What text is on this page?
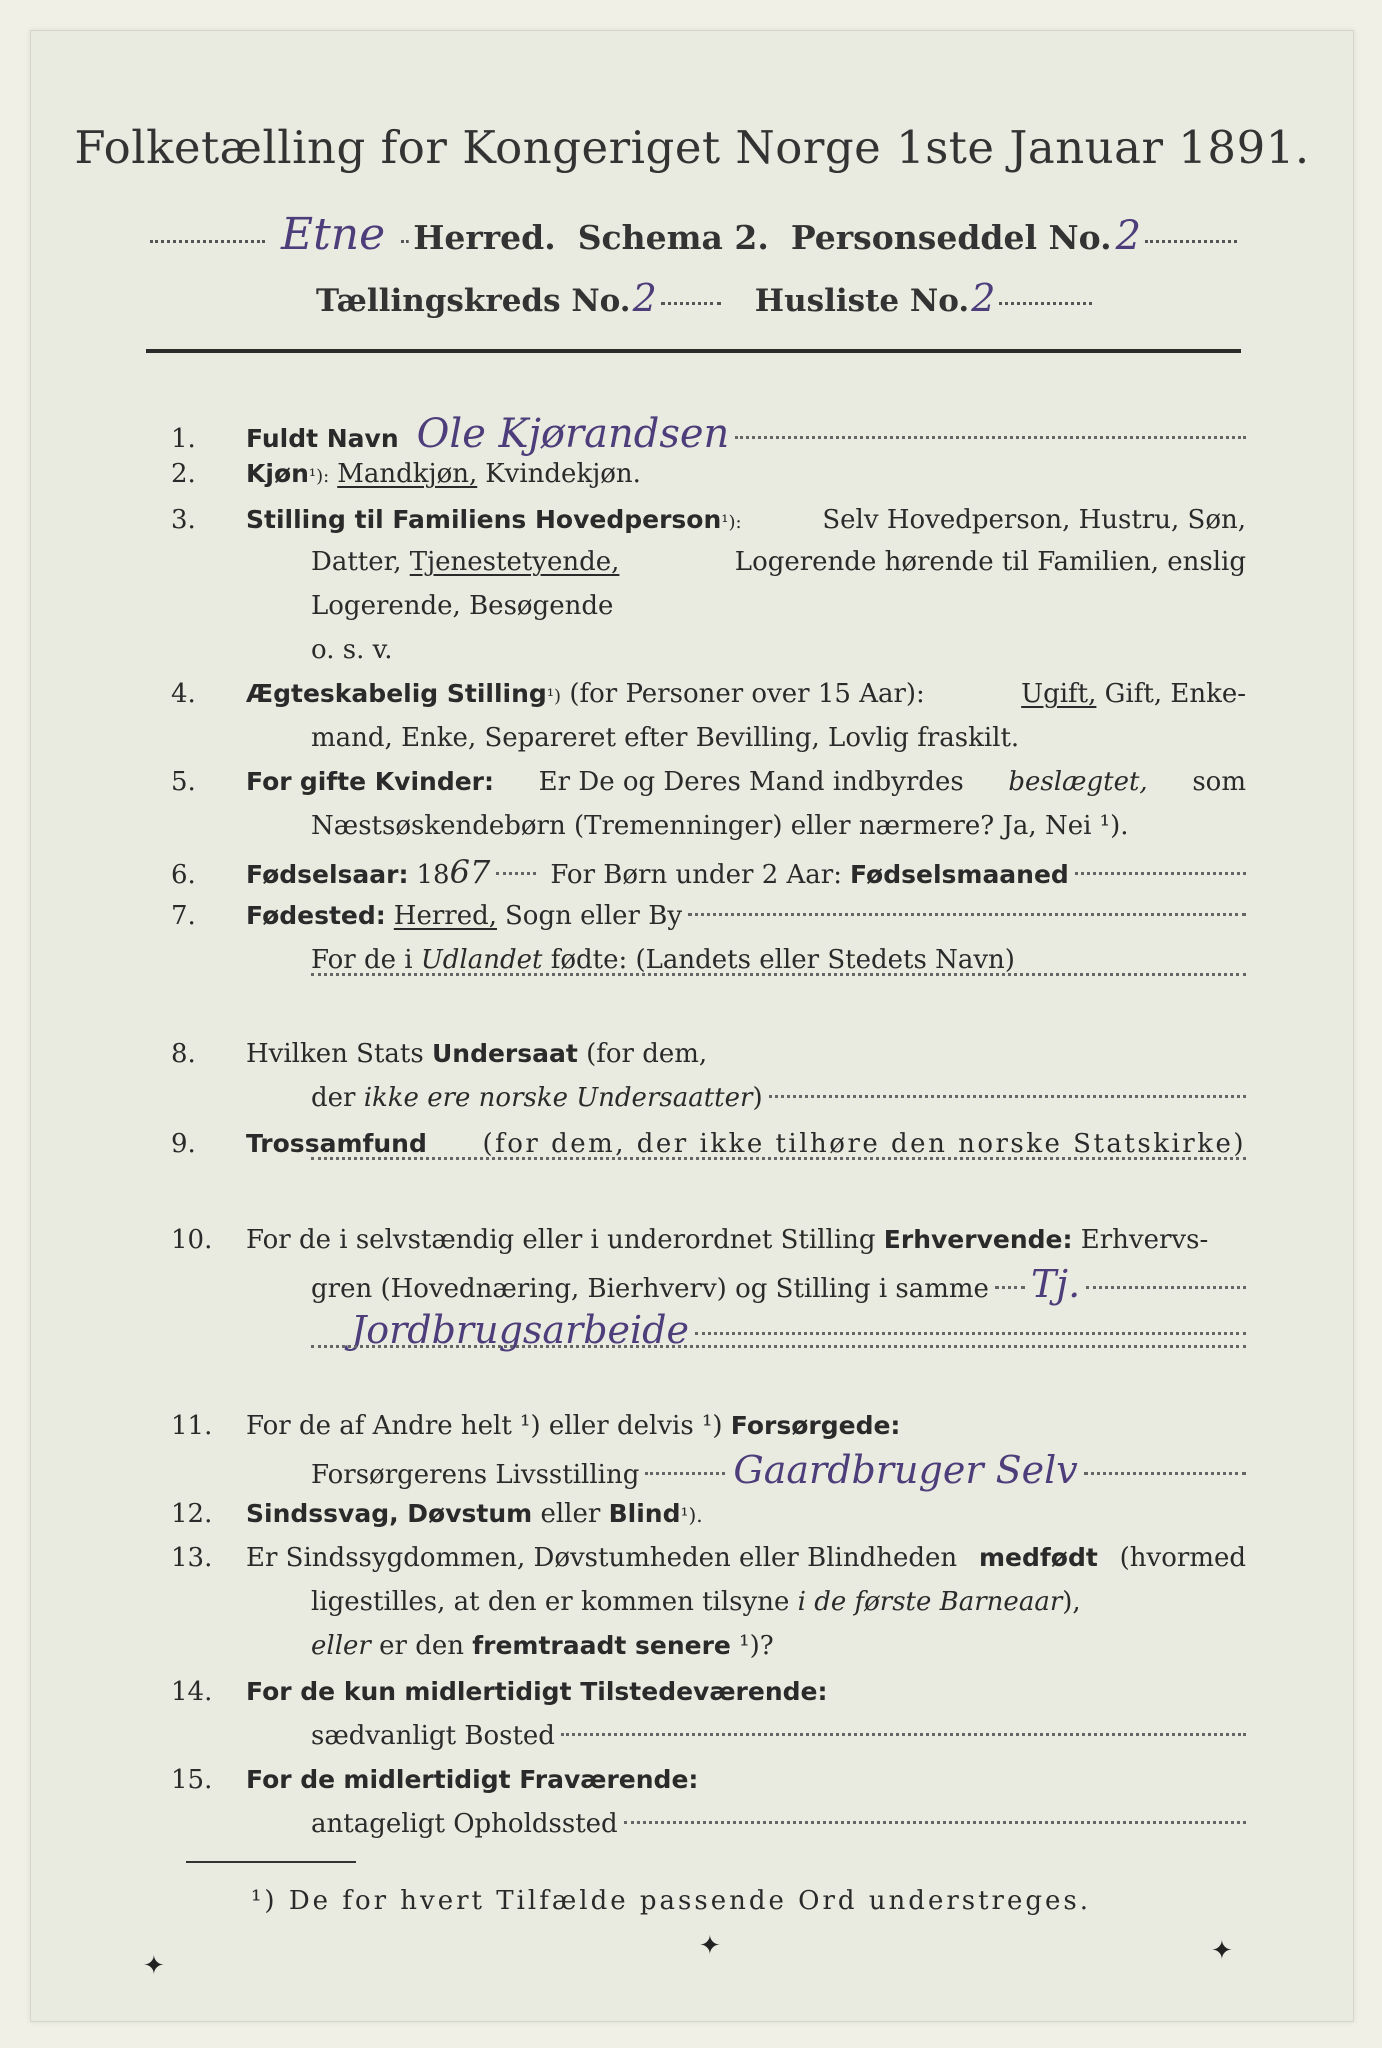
Folketælling for Kongeriget Norge 1ste Januar 1891.
Etne Herred. Schema 2. Personseddel No. 2
Tællingskreds No. 2	Husliste No. 2
1.	Fuldt Navn Ole Kjørandsen
2.	Kjøn ¹): Mandkjøn, Kvindekjøn.
3.	Stilling til Familiens Hovedperson¹):	Selv Hovedperson, Hustru, Søn,
Datter, Tjenestetyende,	Logerende hørende til Familien, enslig
Logerende, Besøgende
o. s. v.
4.	Ægteskabelig Stilling¹) (for Personer over 15 Aar):	Ugift, Gift, Enke-
mand, Enke, Separeret efter Bevilling, Lovlig fraskilt.
5.	For gifte Kvinder: Er De og Deres Mand indbyrdes beslægtet, som
Næstsøskendebørn (Tremenninger) eller nærmere? Ja, Nei ¹).
6.	Fødselsaar: 18 67 For Børn under 2 Aar: Fødselsmaaned
7.	Fødested: Herred, Sogn eller By
For de i
Udlandet
fødte: (Landets eller Stedets Navn)
8.	Hvilken Stats
Undersaat
(for dem,
der
ikke ere norske Undersaatter )
9.	Trossamfund (for dem, der ikke tilhøre den norske Statskirke)
10.	For de i selvstændig eller i underordnet Stilling
Erhvervende:
Erhvervs-
gren (Hovednæring, Bierhverv) og Stilling i samme Tj.
Jordbrugsarbeide
11.	For de af Andre helt ¹) eller delvis ¹)
Forsørgede:
Forsørgerens Livsstilling Gaardbruger Selv
12.	Sindssvag, Døvstum
eller
Blind ¹).
13.	Er Sindssygdommen, Døvstumheden eller Blindheden medfødt (hvormed
ligestilles, at den er kommen tilsyne
i de første Barneaar ),
eller
er den
fremtraadt senere
¹)?
14.	For de kun
midlertidigt Tilstedeværende:
sædvanligt Bosted
15.	For de
midlertidigt Fraværende:
antageligt Opholdssted
¹) De for hvert Tilfælde passende Ord understreges.
✦
✦	✦
